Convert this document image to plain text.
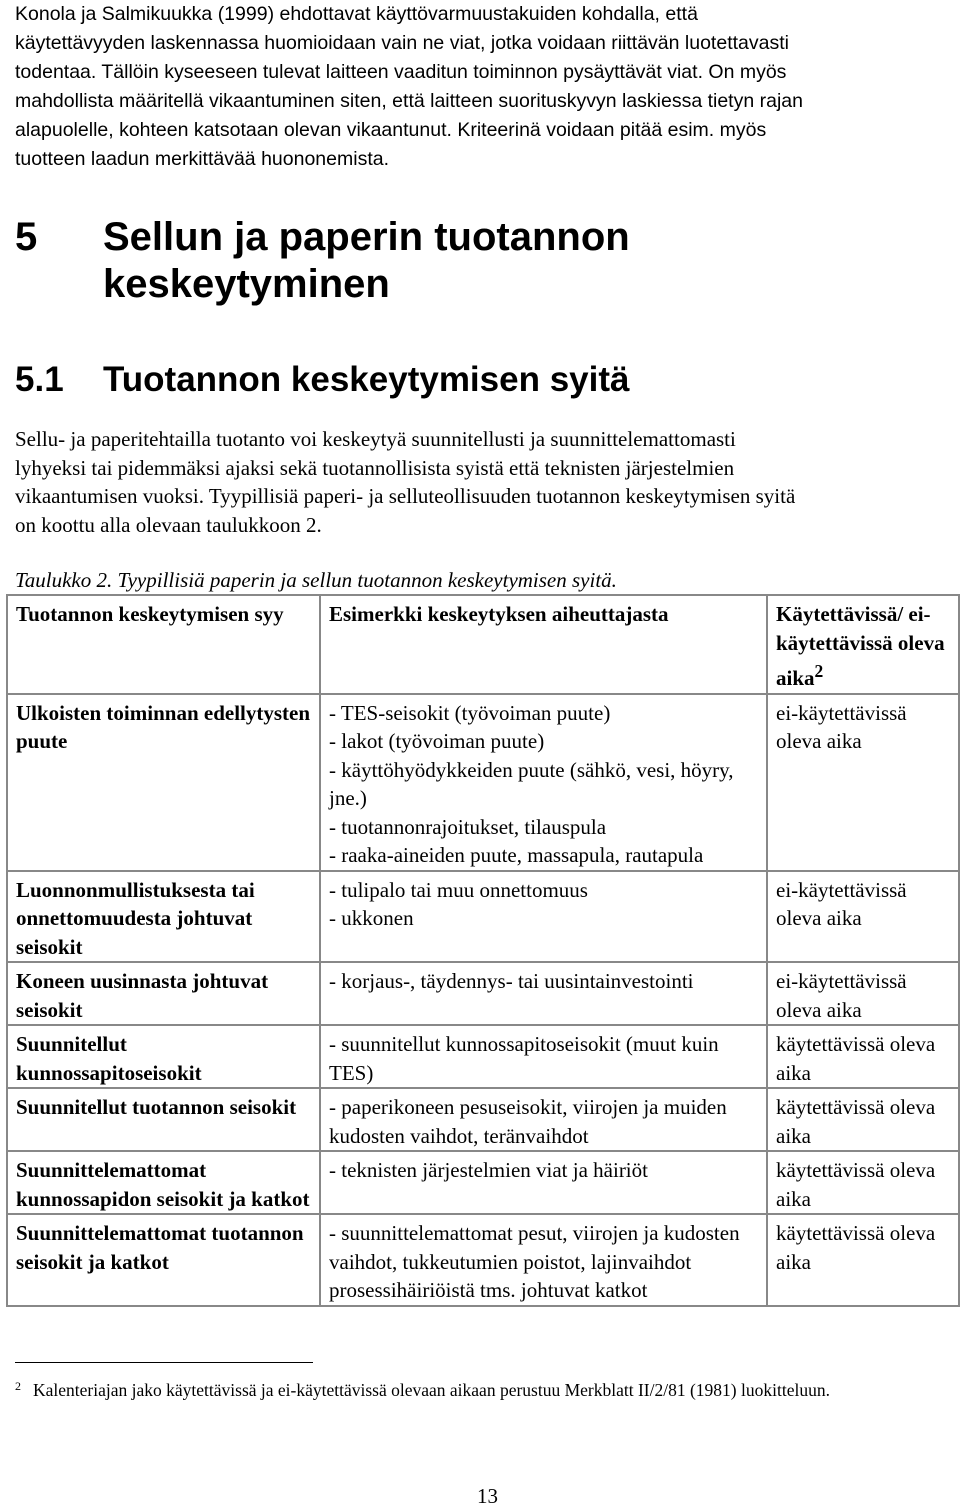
Konola ja Salmikuukka (1999) ehdottavat käyttövarmuustakuiden kohdalla, että

käytettävyyden laskennassa huomioidaan vain ne viat, jotka voidaan riittävän luotettavasti

todentaa. Tällöin kyseeseen tulevat laitteen vaaditun toiminnon pysäyttävät viat. On myös

mahdollista määritellä vikaantuminen siten, että laitteen suorituskyvyn laskiessa tietyn rajan

alapuolelle, kohteen katsotaan olevan vikaantunut. Kriteerinä voidaan pitää esim. myös

tuotteen laadun merkittävää huononemista.

5 Sellun ja paperin tuotannon keskeytyminen
5.1 Tuotannon keskeytymisen syitä
Sellu- ja paperitehtailla tuotanto voi keskeytyä suunnitellusti ja suunnittelemattomasti
lyhyeksi tai pidemmäksi ajaksi sekä tuotannollisista syistä että teknisten järjestelmien
vikaantumisen vuoksi. Tyypillisiä paperi- ja selluteollisuuden tuotannon keskeytymisen syitä
on koottu alla olevaan taulukkoon 2.

Taulukko 2. Tyypillisiä paperin ja sellun tuotannon keskeytymisen syitä.

Tuotannon keskeytymisen syy	Esimerkki keskeytyksen aiheuttajasta	Käytettävissä/ ei-käytettävissä oleva aika$^2$
Ulkoisten toiminnan edellytysten puute	- TES-seisokit (työvoiman puute)
- lakot (työvoiman puute)
- käyttöhyödykkeiden puute (sähkö, vesi, höyry, jne.)
- tuotannonrajoitukset, tilauspula
- raaka-aineiden puute, massapula, rautapula	ei-käytettävissä oleva aika
Luonnonmullistuksesta tai onnettomuudesta johtuvat seisokit	- tulipalo tai muu onnettomuus
- ukkonen	ei-käytettävissä oleva aika
Koneen uusinnasta johtuvat seisokit	- korjaus-, täydennys- tai uusintainvestointi	ei-käytettävissä oleva aika
Suunnitellut kunnossapitoseisokit	- suunnitellut kunnossapitoseisokit (muut kuin TES)	käytettävissä oleva aika
Suunnitellut tuotannon seisokit	- paperikoneen pesuseisokit, viirojen ja muiden kudosten vaihdot, teränvaihdot	käytettävissä oleva aika
Suunnittelemattomat kunnossapidon seisokit ja katkot	- teknisten järjestelmien viat ja häiriöt	käytettävissä oleva aika
Suunnittelemattomat tuotannon seisokit ja katkot	- suunnittelemattomat pesut, viirojen ja kudosten vaihdot, tukkeutumien poistot, lajinvaihdot prosessihäiriöistä tms. johtuvat katkot	käytettävissä oleva aika

$^2$ Kalenteriajan jako käytettävissä ja ei-käytettävissä olevaan aikaan perustuu Merkblatt II/2/81 (1981) luokitteluun.

13
